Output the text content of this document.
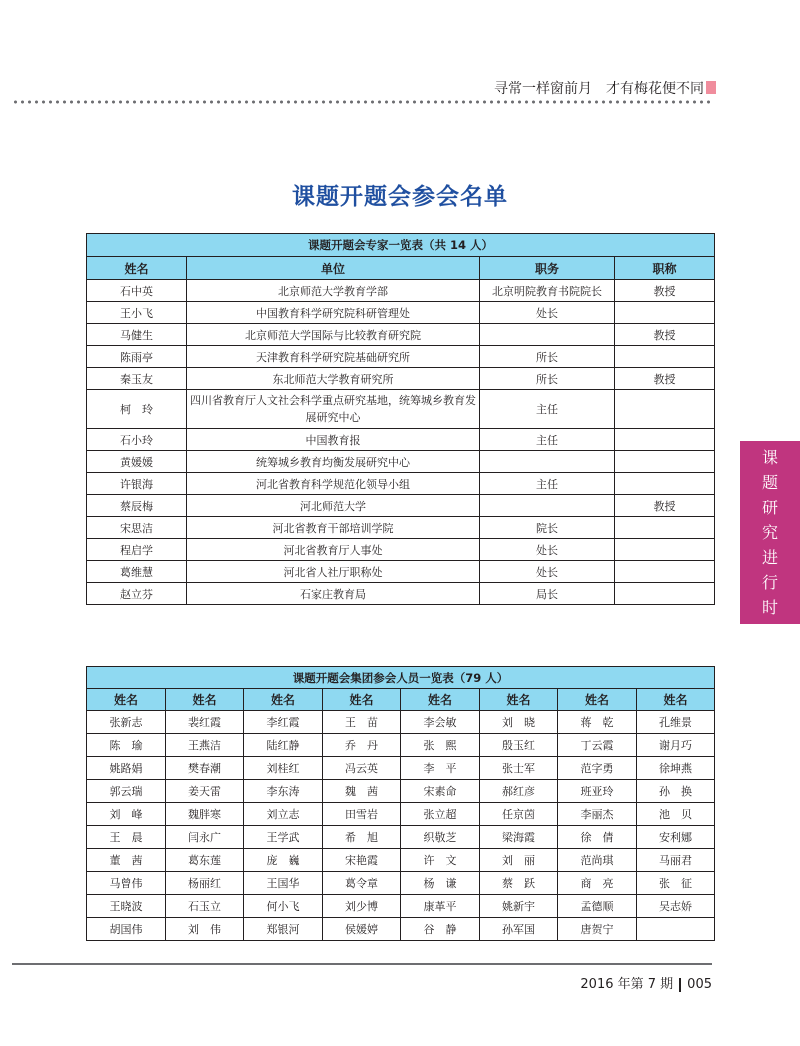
寻常一样窗前月　才有梅花便不同
课题开题会参会名单
课题开题会专家一览表（共 14 人）			
姓名	单位	职务	职称
石中英	北京师范大学教育学部	北京明院教育书院院长	教授
王小飞	中国教育科学研究院科研管理处	处长	
马健生	北京师范大学国际与比较教育研究院		教授
陈雨亭	天津教育科学研究院基础研究所	所长	
秦玉友	东北师范大学教育研究所	所长	教授
柯　玲	四川省教育厅人文社会科学重点研究基地，统筹城乡教育发展研究中心	主任	
石小玲	中国教育报	主任	
黄媛媛	统筹城乡教育均衡发展研究中心		
许银海	河北省教育科学规范化领导小组	主任	
蔡辰梅	河北师范大学		教授
宋思洁	河北省教育干部培训学院	院长	
程启学	河北省教育厅人事处	处长	
葛维慧	河北省人社厅职称处	处长	
赵立芬	石家庄教育局	局长	
课题开题会集团参会人员一览表（79 人）							
姓名	姓名	姓名	姓名	姓名	姓名	姓名	姓名
张新志	裴红霞	李红霞	王　苗	李会敏	刘　晓	蒋　乾	孔维景
陈　瑜	王燕洁	陆红静	乔　丹	张　熙	殷玉红	丁云霞	谢月巧
姚路娟	樊春潮	刘桂红	冯云英	李　平	张士军	范字勇	徐坤燕
郭云瑞	姜天雷	李东涛	魏　茜	宋素命	郝红彦	班亚玲	孙　换
刘　峰	魏胖寒	刘立志	田雪岩	张立超	任京茵	李丽杰	池　贝
王　晨	闫永广	王学武	希　旭	织敬芝	梁海霞	徐　倩	安利娜
董　茜	葛东莲	庞　巍	宋艳霞	许　文	刘　丽	范尚琪	马丽君
马曾伟	杨丽红	王国华	葛令章	杨　谦	蔡　跃	商　亮	张　征
王晓波	石玉立	何小飞	刘少博	康革平	姚新宇	孟德顺	吴志娇
胡国伟	刘　伟	郑银河	侯媛婷	谷　静	孙军国	唐贺宁	
课
题
研
究
进
行
时
2016 年第 7 期 005
